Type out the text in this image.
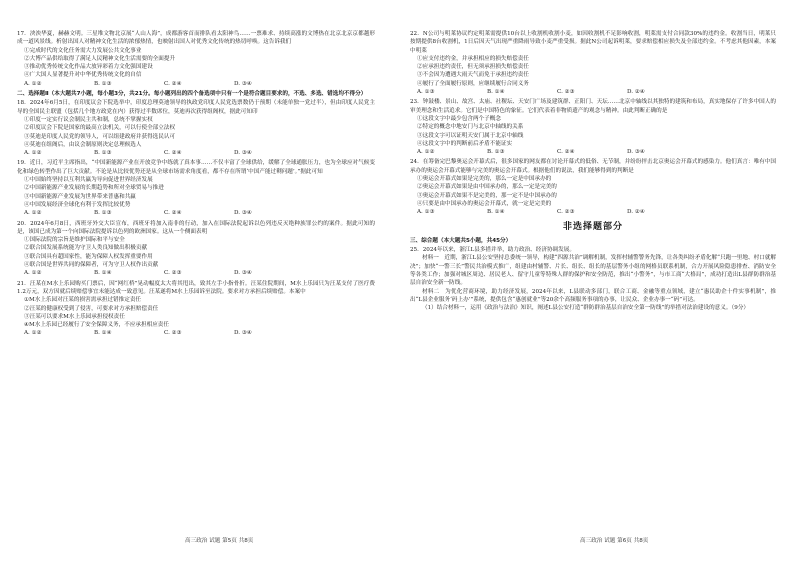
17．泱泱华夏，赫赫文明。三星堆文物北京展“人山人海”，成都游客首而排队看太阳神鸟……一票难求、持续高涨的文博热在北京北京京都越形成一道风景线。析射出国人对精神文化生活的浓郁热情，也映射出国人对优秀文化传统的热切呼唤。这告诉我们
①完成时代的文化任务需大力发展公共文化事业
②大博产品供给取得了满足人民精神文化生活需要的全面提升
③推动优秀传统文化作品大放异彩着力文化强国建设
④广大国人显著提升对中华优秀传统文化的自信
A. ①②	B. ①③	C. ②④	D. ③④
二、选择题Ⅱ（本大题共7小题，每小题3分，共21分。每小题列出的四个备选项中只有一个是符合题目要求的，不选、多选、错选均不得分）
18．2024年6月5日，在印度议会下院选举中，印度总理莫迪领导的执政党印度人民党选票数仍于预期（未能单独一党过半），但由印度人民党主导的全国民主联盟（包括几个地方政党在内）获得过半数席位，莫迪再次获得组阁权，据此可知印
①印度一定实行议会制民主共和制，总统不掌握实权
②印度议会下院是国家的最高立法机关，可以行使全部立法权
③莫迪是印度人民党的领导人，可以组建政府并获得选民认可
④莫迪在组阁后，由议会制原则决定总理候选人
A. ①②	B. ①③	C. ②④	D. ③④
19．近日，习近平主席指出，“中国新能源产业在开放竞争中练就了真本事……不仅丰富了全球供给，缓解了全球通胀压力，也为全球应对气候变化和绿色转型作出了巨大贡献。不论是从比较优势还是从全球市场需求角度看，都不存在所谓‘中国产能过剩问题’。”据此可知
①中国始终坚持以互利共赢为导向促进世界经济发展
②中国新能源产业发展的长期趋势和所对全球贸易与推进
③中国新能源产业发展为世界带来普惠和共赢
④中国发展经济全球化有利于发挥比较优势
A. ①②	B. ①③	C. ②④	D. ③④
20．2024年6月8日，西班牙外交大臣宣布，西班牙将加入南非的行动，加入在国际法院起诉以色列违反灭绝种族罪公约的案件。据此可知的是，该国已成为第一个向国际法院提诉以色列的欧洲国家。这从一个侧面表明
①国际法院的宗旨是维护国际和平与安全
②联合国发展系统能为守卫人类良知做出积极贡献
③联合国具有超国家性，能为保障人权发挥重要作用
④联合国是世界共同的保障者，可为守卫人权作出贡献
A. ①②	B. ①④	C. ②③	D. ③④
21．汪某在M水上乐园购买门票后，因“网红桥”晃动幅度太大将其甩出，致其左手小指骨折。汪某住院期间，M水上乐园只为汪某支付了医疗费1.2万元，双方因就后续赔偿事宜未能达成一致意见。汪某遂将M水上乐园诉至法院。要求对方承担后续赔偿。本案中
①M水上乐园对汪某的损害需承担过错推定责任
②汪某的健康权受到了侵害，可要求对方承担赔偿责任
③汪某可以要求M水上乐园承担侵权责任
④M水上乐园已经履行了安全保障义务，不应承担相应责任
A. ①②	B. ①④	C. ②③	D. ③④
22．N公司与明莱协议约定明莱需提供10台以上收割机收割小麦，如因收割机不足影响收割，明莱需支付合同款30%的违约金。收割当日，明莱只按期提供8台收割机，1日后因天气出现严重降雨导致小麦严重受损。据此N公司起诉明莱，要求赔偿相应损失及全部违约金。不考虑其他因素，本案中明莱
①应支付违约金，并承担相应的损失赔偿责任
②应承担违约责任，但无须承担损失赔偿责任
③不会因为遭遇大雨天气而免于承担违约责任
④履行了全面履行原则，应继续履行合同义务
A. ①③	B. ①④	C. ②③	D. ②④
23．钟鼓楼、景山、故宫、太庙、社稷坛、天安门广场及建筑群、正阳门、天坛……北京中轴线以其独特的建筑和布局，真实地保存了许多中国人的审美理念和生活追求。它们是中国特色的象征。它们代表着非物质遗产的观念与精神。由此判断正确的是
①这段文字中最少包含两个子概念
②特定的概念中地安门与北京中轴线的关系
③这段文字可以证明天安门属于北京中轴线
④这段文字中的判断前后矛盾不能证实
A. ①②	B. ①③	C. ②④	D. ③④
24．在筹备完巴黎奥运会开幕式后，很多国家的网友都在讨论开幕式的低俗、无节制，并纷纷抨击北京奥运会开幕式的感染力。他们真言：唯有中国承办的奥运会开幕式能够与完美的奥运会开幕式。根据他们的说法，我们能够得到的判断是
①奥运会开幕式如果是完美的，那么一定是中国承办的
②奥运会开幕式如果是由中国承办的，那么一定是完美的
③奥运会开幕式如果不是完美的，那一定不是中国承办的
④只要是由中国承办的奥运会开幕式，就一定是完美的
A. ①③	B. ①④	C. ②③	D. ②④
非选择题部分
三、综合题（本大题共5小题，共45分）
25．2024年以来，浙江L县多措并举，助力政治、经济协调发展。
材料一　近期，浙江L县公安坚持总委统一领导，构建“四源共治”调解机制，发挥村辅警警务先锋，让各类纠纷矛盾化解“只跑一里地、村口就解决”；加快“一警三长”警民共治模式推广，组建由村辅警、片长、组长、组长的基层警务小组的网格员联系机制，合力开展风险隐患排查、消防安全等各类工作；加强对城区周边、居民老人、留守儿童等特殊人群的保护和安全防范，推出“小警务”，与市工商“大格局”，成功打造出L县群防群治基层自治安全新一防线。
材料二　为优化营商环境，助力经济发展，2024年以来，L县联动多部门，联合工商、金融等重点领域，建立“惠民助企十件实事机制”，推出“L县企业服务‘码上办’”系统，提供包含“惠创就业”等20余个高频服务事项的办事，让民众、企业办事一“码”可达。
（1）结合材料一，运用《政治与法治》知识，阐述L县公安打造“群防群治基层自治安全第一防线”的举措对法治建设的意义。（9分）
高三政治 试题 第5页 共8页	高三政治 试题 第6页 共8页
